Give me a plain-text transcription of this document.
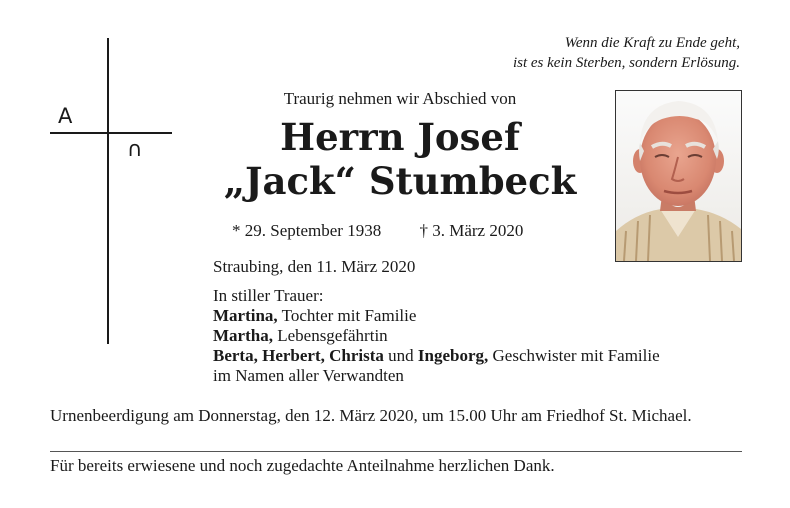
A
∩
Wenn die Kraft zu Ende geht,
ist es kein Sterben, sondern Erlösung.
Traurig nehmen wir Abschied von
Herrn Josef
„Jack“ Stumbeck
* 29. September 1938 † 3. März 2020
Straubing, den 11. März 2020
In stiller Trauer:
Martina, Tochter mit Familie
Martha, Lebensgefährtin
Berta, Herbert, Christa und Ingeborg, Geschwister mit Familie
im Namen aller Verwandten
Urnenbeerdigung am Donnerstag, den 12. März 2020, um 15.00 Uhr am Friedhof St. Michael.
Für bereits erwiesene und noch zugedachte Anteilnahme herzlichen Dank.
